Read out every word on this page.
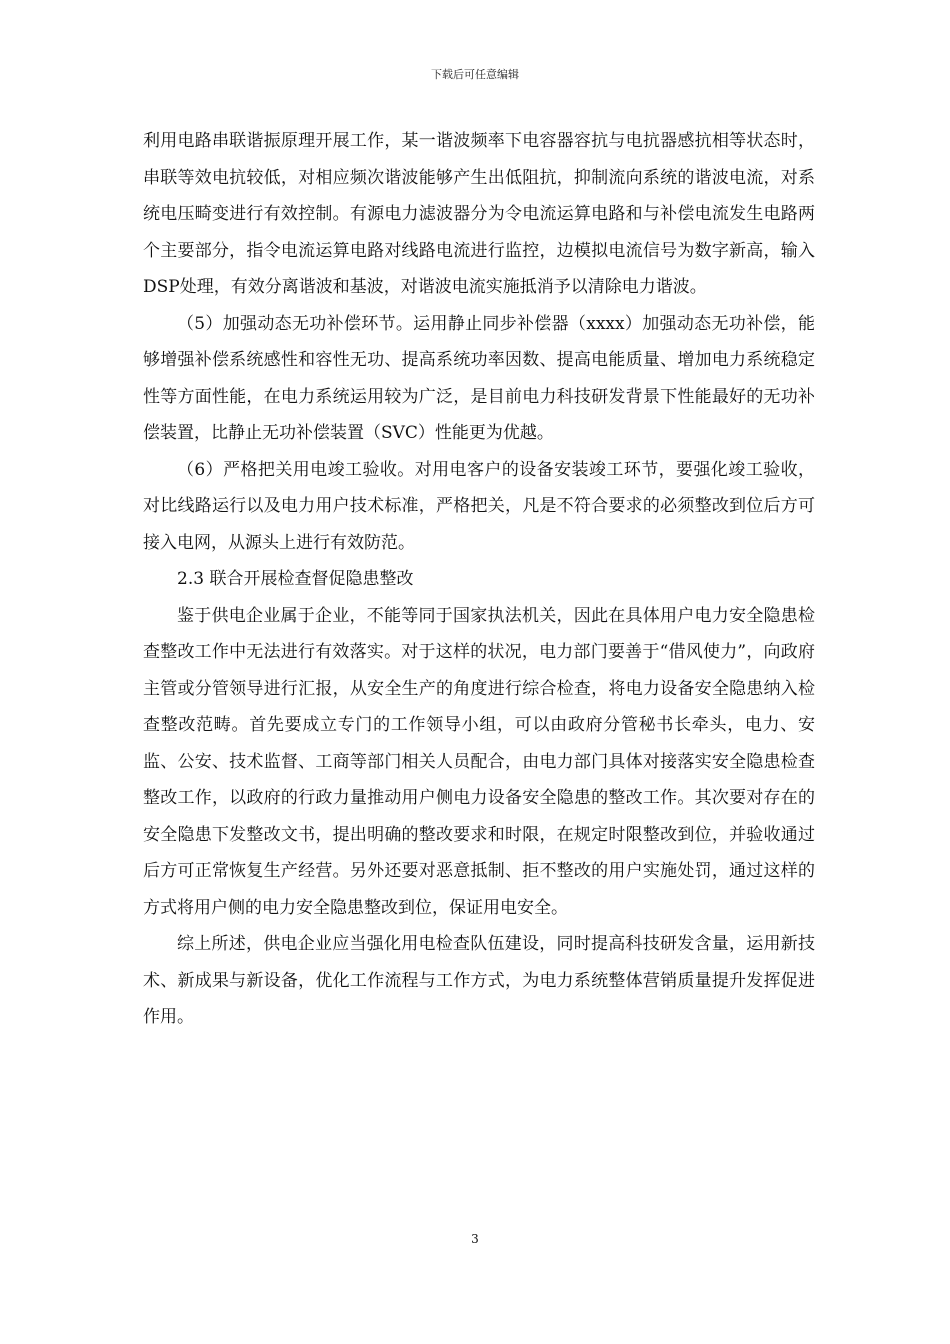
下载后可任意编辑

利用电路串联谐振原理开展工作，某一谐波频率下电容器容抗与电抗器感抗相等状态时，串联等效电抗较低，对相应频次谐波能够产生出低阻抗，抑制流向系统的谐波电流，对系统电压畸变进行有效控制。有源电力滤波器分为令电流运算电路和与补偿电流发生电路两个主要部分，指令电流运算电路对线路电流进行监控，边模拟电流信号为数字新高，输入DSP处理，有效分离谐波和基波，对谐波电流实施抵消予以清除电力谐波。

（5）加强动态无功补偿环节。运用静止同步补偿器（xxxx）加强动态无功补偿，能够增强补偿系统感性和容性无功、提高系统功率因数、提高电能质量、增加电力系统稳定性等方面性能，在电力系统运用较为广泛，是目前电力科技研发背景下性能最好的无功补偿装置，比静止无功补偿装置（SVC）性能更为优越。

（6）严格把关用电竣工验收。对用电客户的设备安装竣工环节，要强化竣工验收，对比线路运行以及电力用户技术标准，严格把关，凡是不符合要求的必须整改到位后方可接入电网，从源头上进行有效防范。

2.3 联合开展检查督促隐患整改

鉴于供电企业属于企业，不能等同于国家执法机关，因此在具体用户电力安全隐患检查整改工作中无法进行有效落实。对于这样的状况，电力部门要善于“借风使力”，向政府主管或分管领导进行汇报，从安全生产的角度进行综合检查，将电力设备安全隐患纳入检查整改范畴。首先要成立专门的工作领导小组，可以由政府分管秘书长牵头，电力、安监、公安、技术监督、工商等部门相关人员配合，由电力部门具体对接落实安全隐患检查整改工作，以政府的行政力量推动用户侧电力设备安全隐患的整改工作。其次要对存在的安全隐患下发整改文书，提出明确的整改要求和时限，在规定时限整改到位，并验收通过后方可正常恢复生产经营。另外还要对恶意抵制、拒不整改的用户实施处罚，通过这样的方式将用户侧的电力安全隐患整改到位，保证用电安全。

综上所述，供电企业应当强化用电检查队伍建设，同时提高科技研发含量，运用新技术、新成果与新设备，优化工作流程与工作方式，为电力系统整体营销质量提升发挥促进作用。

3
